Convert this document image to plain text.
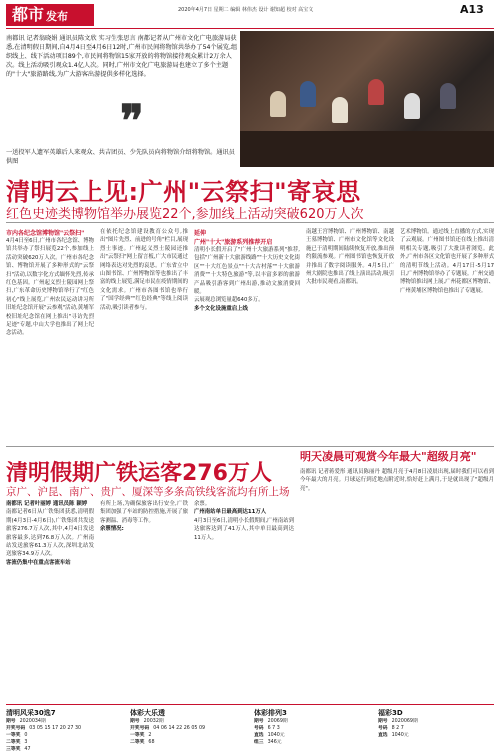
都市 发布	2020年4月7日 星期二 编辑 林伟杰 设计 谢知超 校对 高宝文	A13
南都讯 记者翁晓娟 通讯员陈文欣 实习生张思言 南都记者从广州市文化广电旅游局获悉,在清明假日期间,自4月4日至4月6日12时,广州市民间将物馆共举办了54个展览,组织线上、线下活动项目89个,市民间将物馆15家开放的将物馆接待观众累计2万余人次。线上活动吸引观众1.4亿人次。同时,广州市文化广电旅游局也建立了多个主题的"十大"旅游路线,为广大游客出游提供多样化选择。
❞
一送投军人遗军英雄后人来观众、共吉团员、少先队员向将物馆介绍将物馆。通讯员供图
清明云上见:广州"云祭扫"寄哀思
红色史迹类博物馆举办展览22个,参加线上活动突破620万人次
市内各纪念馆博物馆"云祭扫"
4月4日至6日,广州市各纪念馆、博物馆共举办了祭扫展览22个,参加线上活动突破620万人次。广州市各纪念馆、博物馆开展了多种形式的"云祭扫"活动,以数字化方式缅怀先烈,传承红色基因。广州起义烈士陵园网上祭扫,广东革命历史博物馆举行了"红色初心"线上展览,广州农民运动讲习所旧址纪念馆开展"云参观"活动,黄埔军校旧址纪念馆在网上推出"寻访先烈足迹"专题,中山大学也推出了网上纪念活动。
在依托纪念馆建设教育公众号,推出"图片先烈、前进的号角"栏目,展现烈士事迹。广州起义烈士陵园还推出"云祭扫"网上留言板,广大市民通过网络表达对先烈的哀思。广东省立中山图书馆、广州博物馆等也推出了丰富的线上展览,满足市民在疫情期间的文化需求。广州市各图书馆也举行了"国学经典""红色经典"等线上阅读活动,吸引读者参与。
延伸
广州"十大"旅游系列推荐开启
清明小长假开启了"广州十大旅游系列"推荐,包括"广州新十大旅游线路""十大历史文化街区""十大红色景点""十大古村落""十大旅游消费""十大特色旅游"等,以丰富多彩的旅游产品吸引游客到广州出游,推动文旅消费回暖。
云展观总浏览量超640多万。
多个文化设施重启上线
南越王宫博物馆、广州博物馆、南越王墓博物馆、广州市文化馆等文化设施已于清明期间陆续恢复开放,推出预约限流参观。广州图书馆也恢复开放并推出了数字阅读服务。4月5日,广州大剧院也推出了线上演出活动,吸引大批市民观看,南都讯。
艺术博物馆。通过线上直播的方式,实现了云观展。广州图书馆还在线上推出清明相关专题,吸引了大批读者浏览。此外,广州市各区文化馆也开展了多种形式的清明节线上活动。4月17日-5月17日,广州博物馆举办了专题展。广州交通博物馆推出网上展,广州花都区博物馆、广州黄埔区博物馆也推出了专题展。
清明假期广铁运客276万人
京广、沪昆、南广、贵广、厦深等多条高铁线客流均有所上场
明天凌晨可观赏今年最大"超级月亮"
南都讯 记者叶丽婷 通讯员陈 颖婷
南都记者6日从广铁集团获悉,清明假期(4月3日-4月6日),广铁集团共发送旅客276.7万人次,其中,4月4日发送旅客最多,达到76.8万人次。广州南站发送旅客61.3万人次,深圳北站发送旅客34.9万人次。
客流仍集中在重点客流车站
有所上场,为确保旅客出行安全,广铁集团加强了车站的防控措施,开展了旅客测温、消毒等工作。
余票情况:
余票。
广州南站单日最高到达11万人
4月3日至6日,清明小长假期间,广州南站到达旅客达到了41万人,其中单日最高到达11万人。
南都讯 记者蒋爱彤 通讯员陈丽丹 超级月亮于4月8日凌晨出现,届时我们可以看到今年最大的月亮。月球运行到近地点附近时,恰好赶上满月,于是就出现了"超级月亮"。
清明风采30选7
期号 2020034期
开奖号码 03 05 15 17 20 27 30
一等奖 0
二等奖 3
三等奖 47
体彩大乐透
期号 20032期
开奖号码 04 06 14 22 26 05 09
一等奖 2
二等奖 68
体彩排列3
期号 20069期
号码 6 7 3
直选 1040元
组三 346元
福彩3D
期号 2020069期
号码 8 2 7
直选 1040元
